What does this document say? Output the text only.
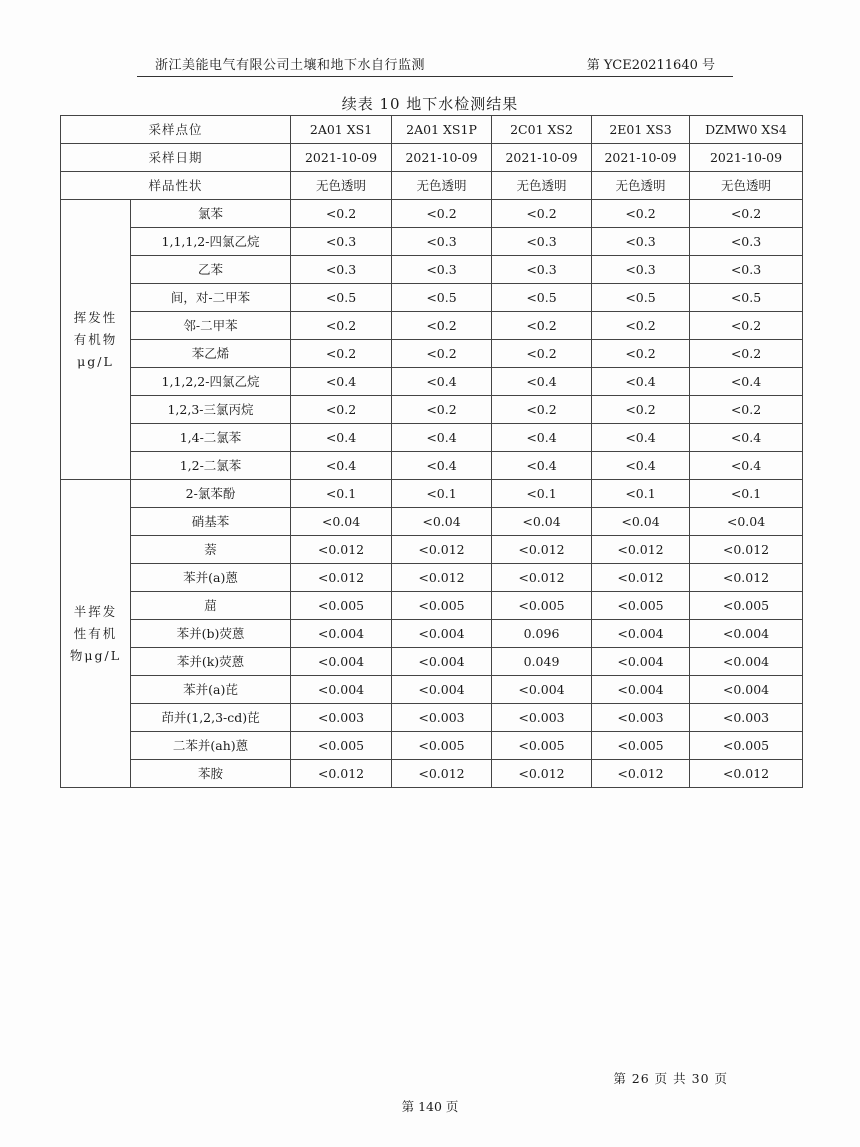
浙江美能电气有限公司土壤和地下水自行监测	第 YCE20211640 号
续表 10 地下水检测结果
采样点位		2A01 XS1	2A01 XS1P	2C01 XS2	2E01 XS3	DZMW0 XS4
采样日期		2021-10-09	2021-10-09	2021-10-09	2021-10-09	2021-10-09
样品性状		无色透明	无色透明	无色透明	无色透明	无色透明

挥发性
有机物
μg/L	氯苯	<0.2	<0.2	<0.2	<0.2	<0.2
	1,1,1,2-四氯乙烷	<0.3	<0.3	<0.3	<0.3	<0.3
	乙苯	<0.3	<0.3	<0.3	<0.3	<0.3
	间，对-二甲苯	<0.5	<0.5	<0.5	<0.5	<0.5
	邻-二甲苯	<0.2	<0.2	<0.2	<0.2	<0.2
	苯乙烯	<0.2	<0.2	<0.2	<0.2	<0.2
	1,1,2,2-四氯乙烷	<0.4	<0.4	<0.4	<0.4	<0.4
	1,2,3-三氯丙烷	<0.2	<0.2	<0.2	<0.2	<0.2
	1,4-二氯苯	<0.4	<0.4	<0.4	<0.4	<0.4
	1,2-二氯苯	<0.4	<0.4	<0.4	<0.4	<0.4

半挥发
性有机
物μg/L	2-氯苯酚	<0.1	<0.1	<0.1	<0.1	<0.1
	硝基苯	<0.04	<0.04	<0.04	<0.04	<0.04
	萘	<0.012	<0.012	<0.012	<0.012	<0.012
	苯并(a)蒽	<0.012	<0.012	<0.012	<0.012	<0.012
	䓛	<0.005	<0.005	<0.005	<0.005	<0.005
	苯并(b)荧蒽	<0.004	<0.004	0.096	<0.004	<0.004
	苯并(k)荧蒽	<0.004	<0.004	0.049	<0.004	<0.004
	苯并(a)芘	<0.004	<0.004	<0.004	<0.004	<0.004
	茚并(1,2,3-cd)芘	<0.003	<0.003	<0.003	<0.003	<0.003
	二苯并(ah)蒽	<0.005	<0.005	<0.005	<0.005	<0.005
	苯胺	<0.012	<0.012	<0.012	<0.012	<0.012
第 26 页 共 30 页
第 140 页
